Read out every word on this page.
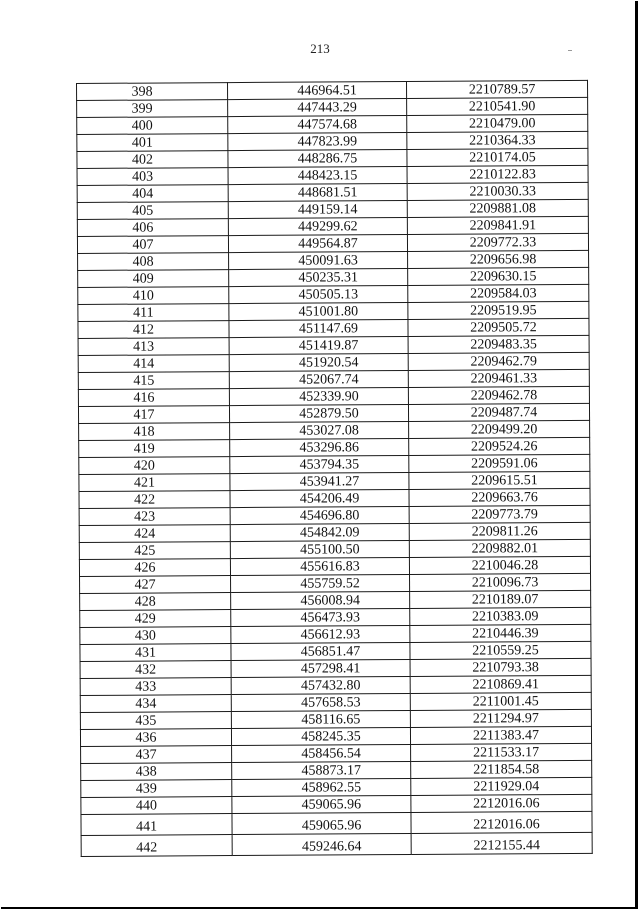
213
398	446964.51	2210789.57
399	447443.29	2210541.90
400	447574.68	2210479.00
401	447823.99	2210364.33
402	448286.75	2210174.05
403	448423.15	2210122.83
404	448681.51	2210030.33
405	449159.14	2209881.08
406	449299.62	2209841.91
407	449564.87	2209772.33
408	450091.63	2209656.98
409	450235.31	2209630.15
410	450505.13	2209584.03
411	451001.80	2209519.95
412	451147.69	2209505.72
413	451419.87	2209483.35
414	451920.54	2209462.79
415	452067.74	2209461.33
416	452339.90	2209462.78
417	452879.50	2209487.74
418	453027.08	2209499.20
419	453296.86	2209524.26
420	453794.35	2209591.06
421	453941.27	2209615.51
422	454206.49	2209663.76
423	454696.80	2209773.79
424	454842.09	2209811.26
425	455100.50	2209882.01
426	455616.83	2210046.28
427	455759.52	2210096.73
428	456008.94	2210189.07
429	456473.93	2210383.09
430	456612.93	2210446.39
431	456851.47	2210559.25
432	457298.41	2210793.38
433	457432.80	2210869.41
434	457658.53	2211001.45
435	458116.65	2211294.97
436	458245.35	2211383.47
437	458456.54	2211533.17
438	458873.17	2211854.58
439	458962.55	2211929.04
440	459065.96	2212016.06
441	459065.96	2212016.06
442	459246.64	2212155.44
